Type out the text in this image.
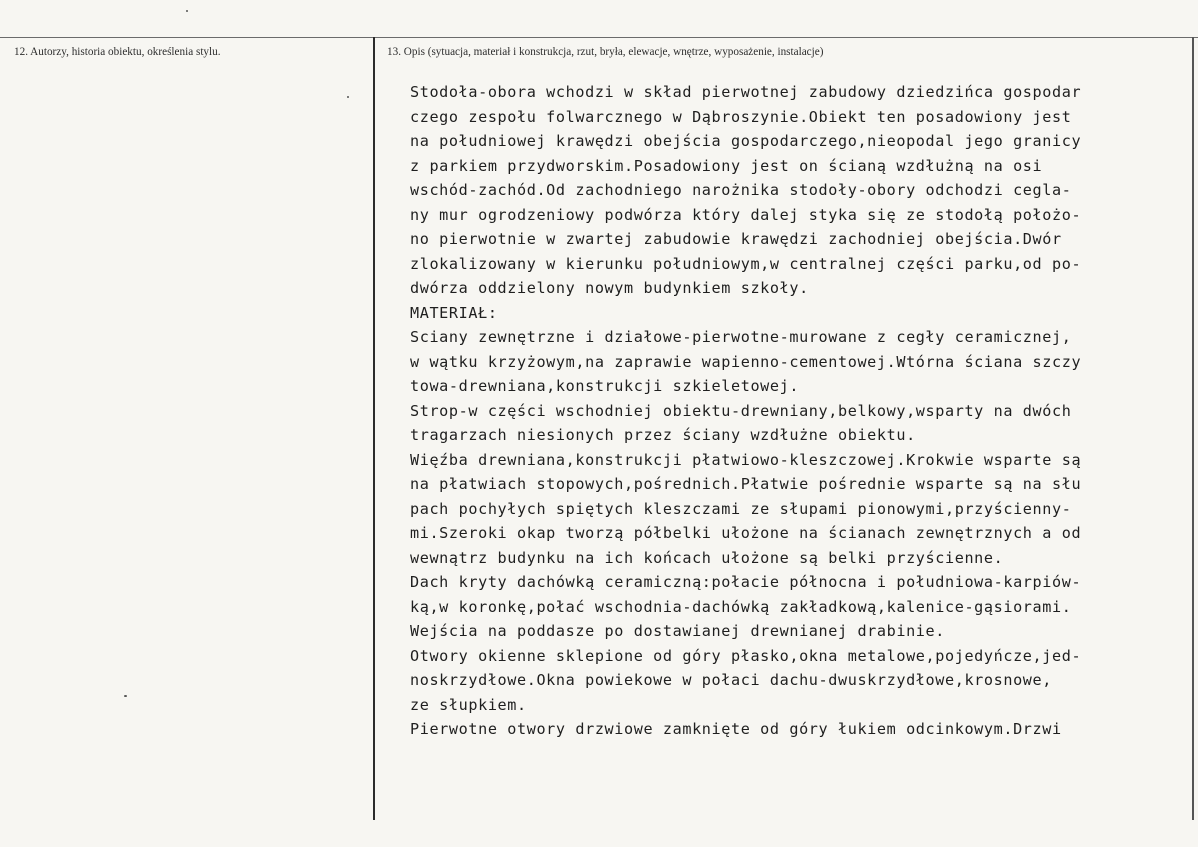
12. Autorzy, historia obiektu, określenia stylu.	13. Opis (sytuacja, materiał i konstrukcja, rzut, bryła, elewacje, wnętrze, wyposażenie, instalacje)
Stodoła-obora wchodzi w skład pierwotnej zabudowy dziedzińca gospodar
czego zespołu folwarcznego w Dąbroszynie.Obiekt ten posadowiony jest
na południowej krawędzi obejścia gospodarczego,nieopodal jego granicy
z parkiem przydworskim.Posadowiony jest on ścianą wzdłużną na osi
wschód-zachód.Od zachodniego narożnika stodoły-obory odchodzi cegla-
ny mur ogrodzeniowy podwórza który dalej styka się ze stodołą położo-
no pierwotnie w zwartej zabudowie krawędzi zachodniej obejścia.Dwór
zlokalizowany w kierunku południowym,w centralnej części parku,od po-
dwórza oddzielony nowym budynkiem szkoły.
MATERIAŁ:
Sciany zewnętrzne i działowe-pierwotne-murowane z cegły ceramicznej,
w wątku krzyżowym,na zaprawie wapienno-cementowej.Wtórna ściana szczy
towa-drewniana,konstrukcji szkieletowej.
Strop-w części wschodniej obiektu-drewniany,belkowy,wsparty na dwóch
tragarzach niesionych przez ściany wzdłużne obiektu.
Więźba drewniana,konstrukcji płatwiowo-kleszczowej.Krokwie wsparte są
na płatwiach stopowych,pośrednich.Płatwie pośrednie wsparte są na słu
pach pochyłych spiętych kleszczami ze słupami pionowymi,przyścienny-
mi.Szeroki okap tworzą półbelki ułożone na ścianach zewnętrznych a od
wewnątrz budynku na ich końcach ułożone są belki przyścienne.
Dach kryty dachówką ceramiczną:połacie północna i południowa-karpiów-
ką,w koronkę,połać wschodnia-dachówką zakładkową,kalenice-gąsiorami.
Wejścia na poddasze po dostawianej drewnianej drabinie.
Otwory okienne sklepione od góry płasko,okna metalowe,pojedyńcze,jed-
noskrzydłowe.Okna powiekowe w połaci dachu-dwuskrzydłowe,krosnowe,
ze słupkiem.
Pierwotne otwory drzwiowe zamknięte od góry łukiem odcinkowym.Drzwi
